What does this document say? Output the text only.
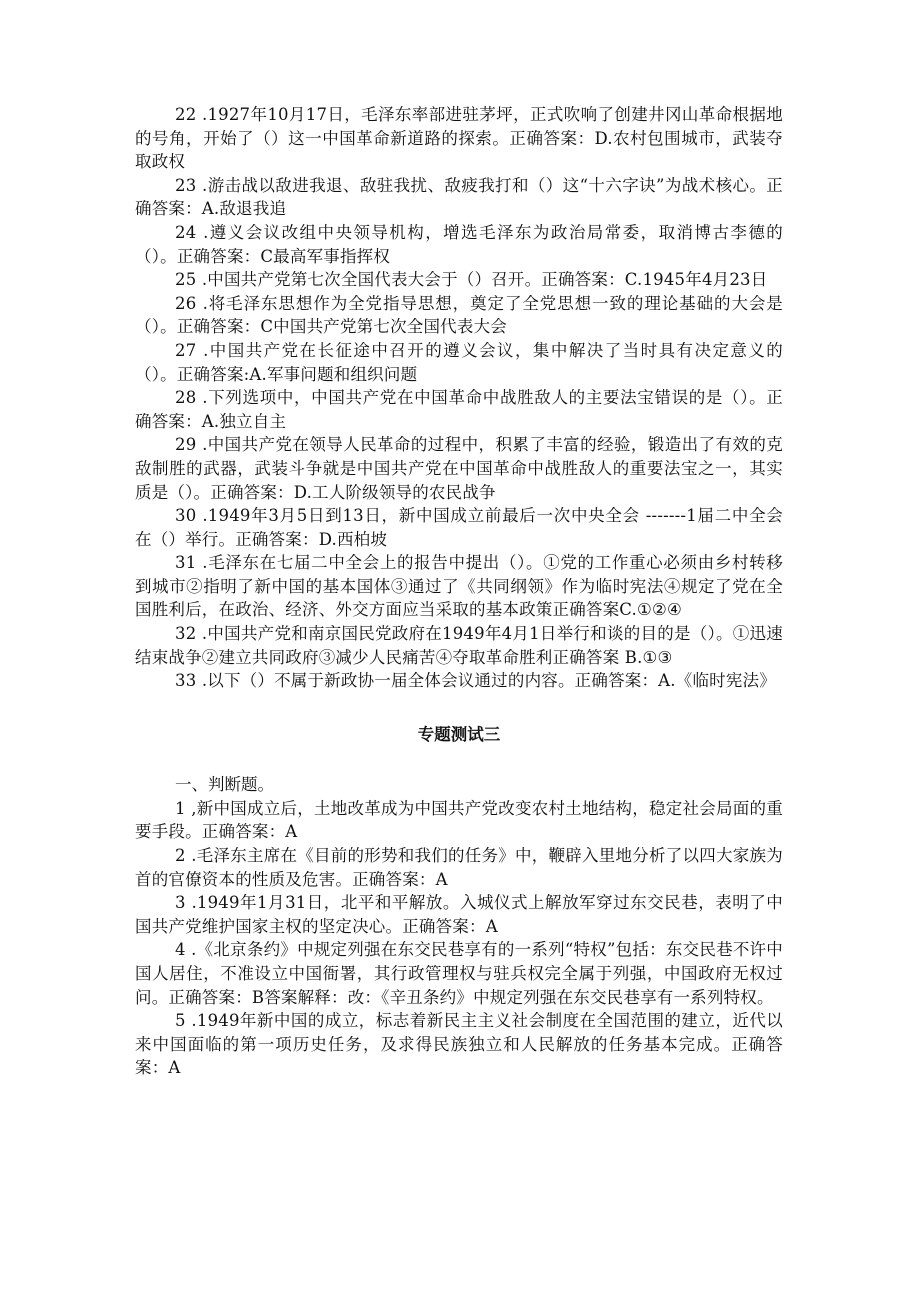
22 .1927年10月17日，毛泽东率部进驻茅坪，正式吹响了创建井冈山革命根据地的号角，开始了（）这一中国革命新道路的探索。正确答案：D.农村包围城市，武装夺取政权

23 .游击战以敌进我退、敌驻我扰、敌疲我打和（）这“十六字诀”为战术核心。正确答案：A.敌退我追

24 .遵义会议改组中央领导机构，增选毛泽东为政治局常委，取消博古李德的（）。正确答案：C最高军事指挥权

25 .中国共产党第七次全国代表大会于（）召开。正确答案：C.1945年4月23日

26 .将毛泽东思想作为全党指导思想，奠定了全党思想一致的理论基础的大会是（）。正确答案：C中国共产党第七次全国代表大会

27 .中国共产党在长征途中召开的遵义会议，集中解决了当时具有决定意义的（）。正确答案:A.军事问题和组织问题

28 .下列选项中，中国共产党在中国革命中战胜敌人的主要法宝错误的是（）。正确答案：A.独立自主

29 .中国共产党在领导人民革命的过程中，积累了丰富的经验，锻造出了有效的克敌制胜的武器，武装斗争就是中国共产党在中国革命中战胜敌人的重要法宝之一，其实质是（）。正确答案：D.工人阶级领导的农民战争

30 .1949年3月5日到13日，新中国成立前最后一次中央全会 -------1届二中全会在（）举行。正确答案：D.西柏坡

31 .毛泽东在七届二中全会上的报告中提出（）。①党的工作重心必须由乡村转移到城市②指明了新中国的基本国体③通过了《共同纲领》作为临时宪法④规定了党在全国胜利后，在政治、经济、外交方面应当采取的基本政策正确答案C.①②④

32 .中国共产党和南京国民党政府在1949年4月1日举行和谈的目的是（）。①迅速结束战争②建立共同政府③减少人民痛苦④夺取革命胜利正确答案 B.①③

33 .以下（）不属于新政协一届全体会议通过的内容。正确答案：A.《临时宪法》

专题测试三

一、判断题。

1 ,新中国成立后，土地改革成为中国共产党改变农村土地结构，稳定社会局面的重要手段。正确答案：A

2 .毛泽东主席在《目前的形势和我们的任务》中，鞭辟入里地分析了以四大家族为首的官僚资本的性质及危害。正确答案：A

3 .1949年1月31日，北平和平解放。入城仪式上解放军穿过东交民巷，表明了中国共产党维护国家主权的坚定决心。正确答案：A

4 .《北京条约》中规定列强在东交民巷享有的一系列“特权”包括：东交民巷不许中国人居住，不准设立中国衙署，其行政管理权与驻兵权完全属于列强，中国政府无权过问。正确答案：B答案解释：改：《辛丑条约》中规定列强在东交民巷享有一系列特权。

5 .1949年新中国的成立，标志着新民主主义社会制度在全国范围的建立，近代以来中国面临的第一项历史任务，及求得民族独立和人民解放的任务基本完成。正确答案：A
